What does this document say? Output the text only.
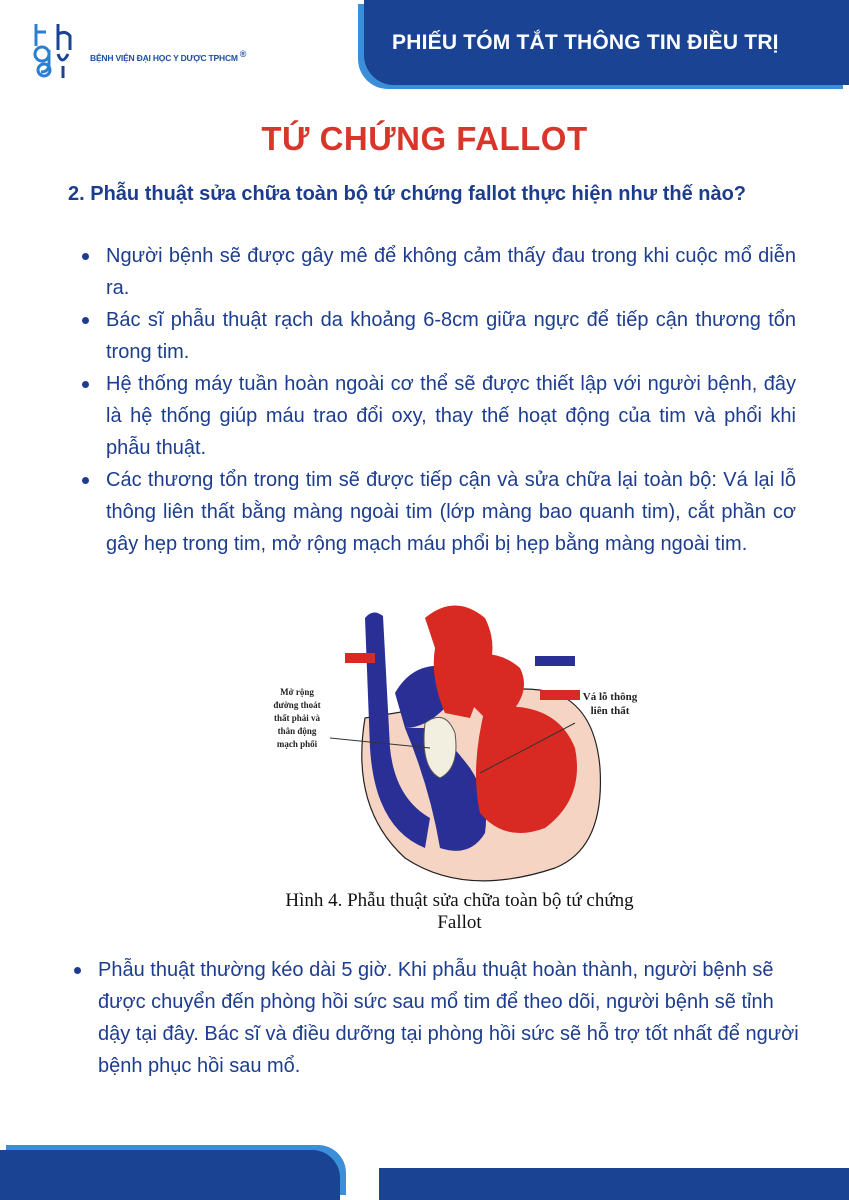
BỆNH VIỆN ĐẠI HỌC Y DƯỢC TPHCM ®
PHIẾU TÓM TẮT THÔNG TIN ĐIỀU TRỊ
TỨ CHỨNG FALLOT
2. Phẫu thuật sửa chữa toàn bộ tứ chứng fallot thực hiện như thế nào?
Người bệnh sẽ được gây mê để không cảm thấy đau trong khi cuộc mổ diễn ra.
Bác sĩ phẫu thuật rạch da khoảng 6-8cm giữa ngực để tiếp cận thương tổn trong tim.
Hệ thống máy tuần hoàn ngoài cơ thể sẽ được thiết lập với người bệnh, đây là hệ thống giúp máu trao đổi oxy, thay thế hoạt động của tim và phổi khi phẫu thuật.
Các thương tổn trong tim sẽ được tiếp cận và sửa chữa lại toàn bộ: Vá lại lỗ thông liên thất bằng màng ngoài tim (lớp màng bao quanh tim), cắt phần cơ gây hẹp trong tim, mở rộng mạch máu phổi bị hẹp bằng màng ngoài tim.
Mở rộng
đường thoát
thất phải và
thân động
mạch phổi
Vá lỗ thông
liên thất
Hình 4. Phẫu thuật sửa chữa toàn bộ tứ chứng
Fallot
Phẫu thuật thường kéo dài 5 giờ. Khi phẫu thuật hoàn thành, người bệnh sẽ được chuyển đến phòng hồi sức sau mổ tim để theo dõi, người bệnh sẽ tỉnh dậy tại đây. Bác sĩ và điều dưỡng tại phòng hồi sức sẽ hỗ trợ tốt nhất để người bệnh phục hồi sau mổ.
